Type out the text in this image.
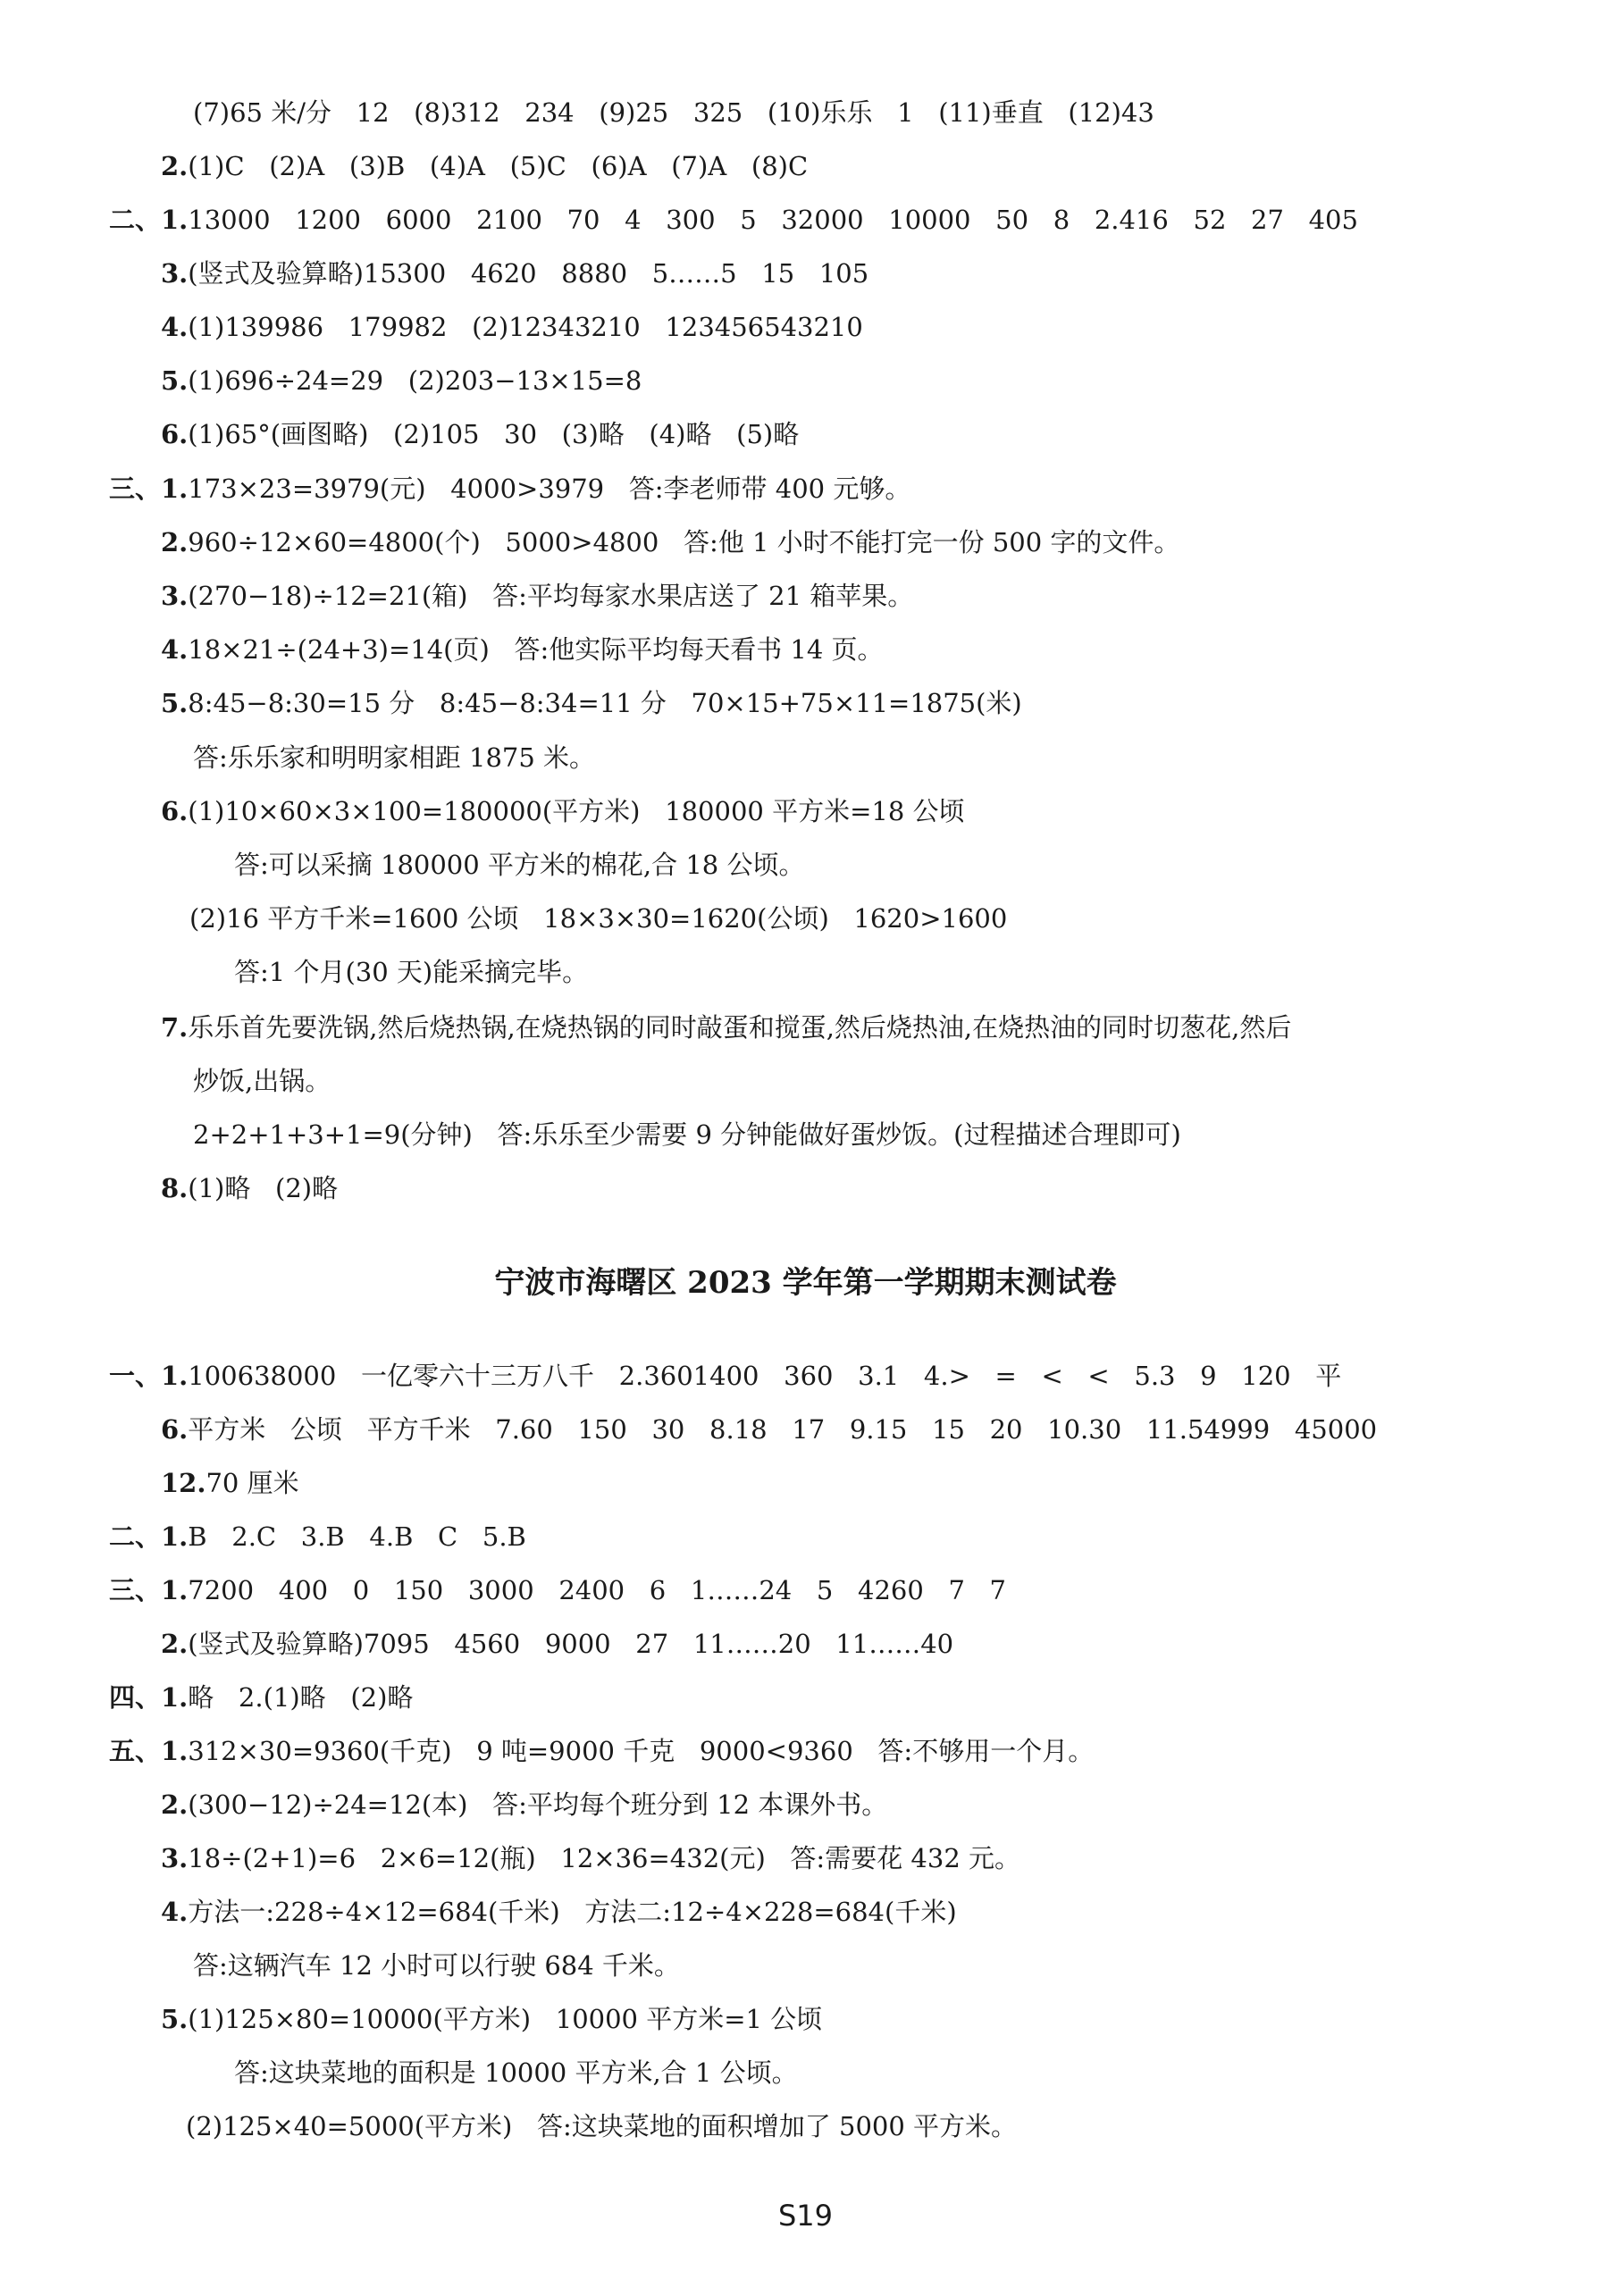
(7)65 米/分   12   (8)312   234   (9)25   325   (10)乐乐   1   (11)垂直   (12)43
2.(1)C   (2)A   (3)B   (4)A   (5)C   (6)A   (7)A   (8)C
二、1.13000   1200   6000   2100   70   4   300   5   32000   10000   50   8   2.416   52   27   405
3.(竖式及验算略)15300   4620   8880   5……5   15   105
4.(1)139986   179982   (2)12343210   123456543210
5.(1)696÷24=29   (2)203−13×15=8
6.(1)65°(画图略)   (2)105   30   (3)略   (4)略   (5)略
三、1.173×23=3979(元)   4000>3979   答:李老师带 400 元够。
2.960÷12×60=4800(个)   5000>4800   答:他 1 小时不能打完一份 500 字的文件。
3.(270−18)÷12=21(箱)   答:平均每家水果店送了 21 箱苹果。
4.18×21÷(24+3)=14(页)   答:他实际平均每天看书 14 页。
5.8:45−8:30=15 分   8:45−8:34=11 分   70×15+75×11=1875(米)
答:乐乐家和明明家相距 1875 米。
6.(1)10×60×3×100=180000(平方米)   180000 平方米=18 公顷
答:可以采摘 180000 平方米的棉花,合 18 公顷。
(2)16 平方千米=1600 公顷   18×3×30=1620(公顷)   1620>1600
答:1 个月(30 天)能采摘完毕。
7.乐乐首先要洗锅,然后烧热锅,在烧热锅的同时敲蛋和搅蛋,然后烧热油,在烧热油的同时切葱花,然后
炒饭,出锅。
2+2+1+3+1=9(分钟)   答:乐乐至少需要 9 分钟能做好蛋炒饭。(过程描述合理即可)
8.(1)略   (2)略
宁波市海曙区 2023 学年第一学期期末测试卷
一、1.100638000   一亿零六十三万八千   2.3601400   360   3.1   4.>   =   <   <   5.3   9   120   平
6.平方米   公顷   平方千米   7.60   150   30   8.18   17   9.15   15   20   10.30   11.54999   45000
12.70 厘米
二、1.B   2.C   3.B   4.B   C   5.B
三、1.7200   400   0   150   3000   2400   6   1……24   5   4260   7   7
2.(竖式及验算略)7095   4560   9000   27   11……20   11……40
四、1.略   2.(1)略   (2)略
五、1.312×30=9360(千克)   9 吨=9000 千克   9000<9360   答:不够用一个月。
2.(300−12)÷24=12(本)   答:平均每个班分到 12 本课外书。
3.18÷(2+1)=6   2×6=12(瓶)   12×36=432(元)   答:需要花 432 元。
4.方法一:228÷4×12=684(千米)   方法二:12÷4×228=684(千米)
答:这辆汽车 12 小时可以行驶 684 千米。
5.(1)125×80=10000(平方米)   10000 平方米=1 公顷
答:这块菜地的面积是 10000 平方米,合 1 公顷。
(2)125×40=5000(平方米)   答:这块菜地的面积增加了 5000 平方米。
S19
